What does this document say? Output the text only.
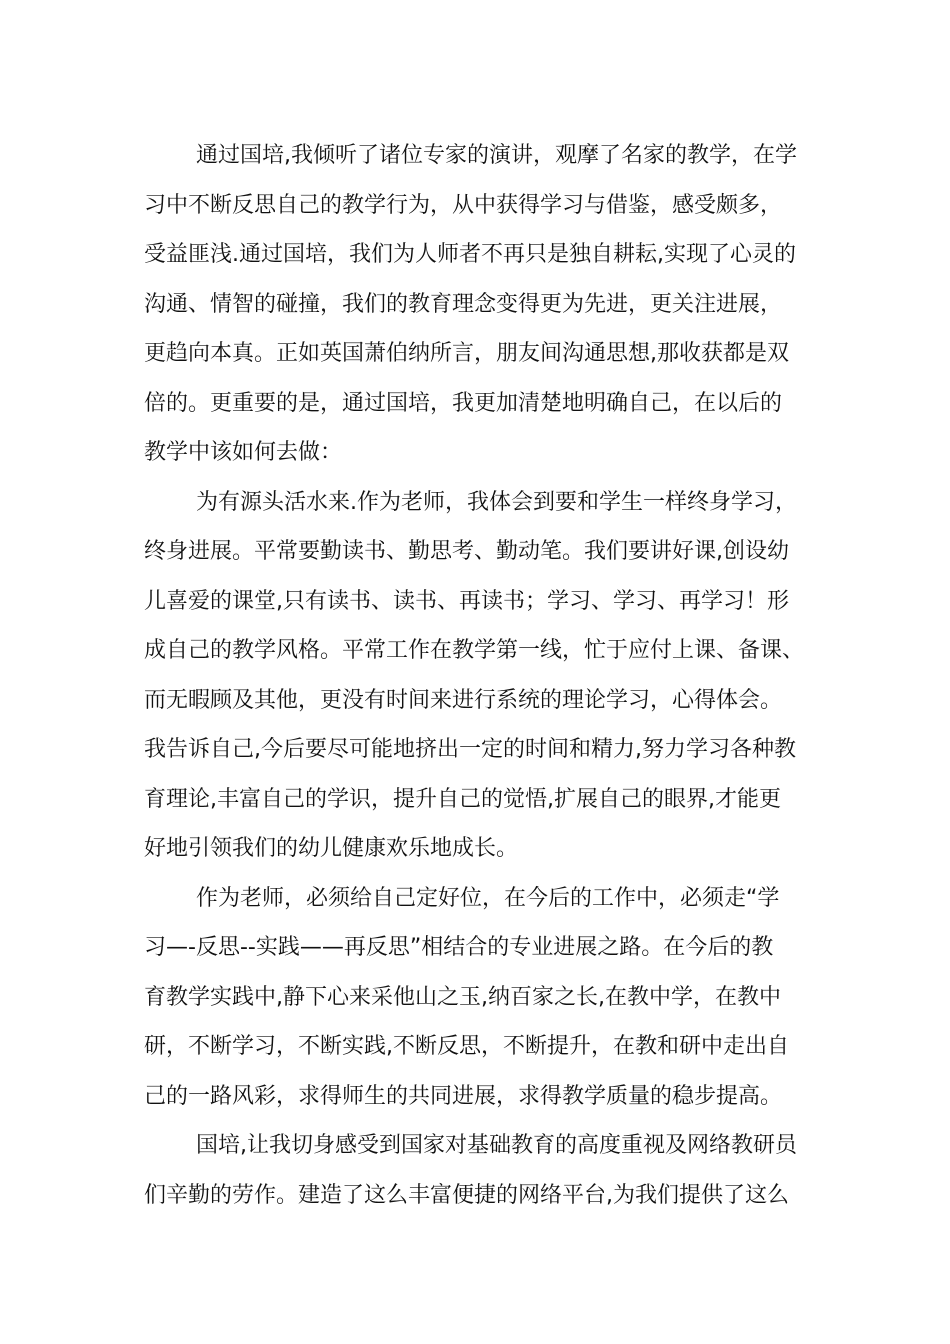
通过国培,我倾听了诸位专家的演讲，观摩了名家的教学，在学
习中不断反思自己的教学行为，从中获得学习与借鉴，感受颇多，
受益匪浅.通过国培，我们为人师者不再只是独自耕耘,实现了心灵的
沟通、情智的碰撞，我们的教育理念变得更为先进，更关注进展，
更趋向本真。正如英国萧伯纳所言，朋友间沟通思想,那收获都是双
倍的。更重要的是，通过国培，我更加清楚地明确自己，在以后的
教学中该如何去做：
为有源头活水来.作为老师，我体会到要和学生一样终身学习，
终身进展。平常要勤读书、勤思考、勤动笔。我们要讲好课,创设幼
儿喜爱的课堂,只有读书、读书、再读书；学习、学习、再学习！形
成自己的教学风格。平常工作在教学第一线，忙于应付上课、备课、
而无暇顾及其他，更没有时间来进行系统的理论学习，心得体会。
我告诉自己,今后要尽可能地挤出一定的时间和精力,努力学习各种教
育理论,丰富自己的学识，提升自己的觉悟,扩展自己的眼界,才能更
好地引领我们的幼儿健康欢乐地成长。
作为老师，必须给自己定好位，在今后的工作中，必须走“学
习—-反思--实践——再反思”相结合的专业进展之路。在今后的教
育教学实践中,静下心来采他山之玉,纳百家之长,在教中学，在教中
研，不断学习，不断实践,不断反思，不断提升，在教和研中走出自
己的一路风彩，求得师生的共同进展，求得教学质量的稳步提高。
国培,让我切身感受到国家对基础教育的高度重视及网络教研员
们辛勤的劳作。建造了这么丰富便捷的网络平台,为我们提供了这么
